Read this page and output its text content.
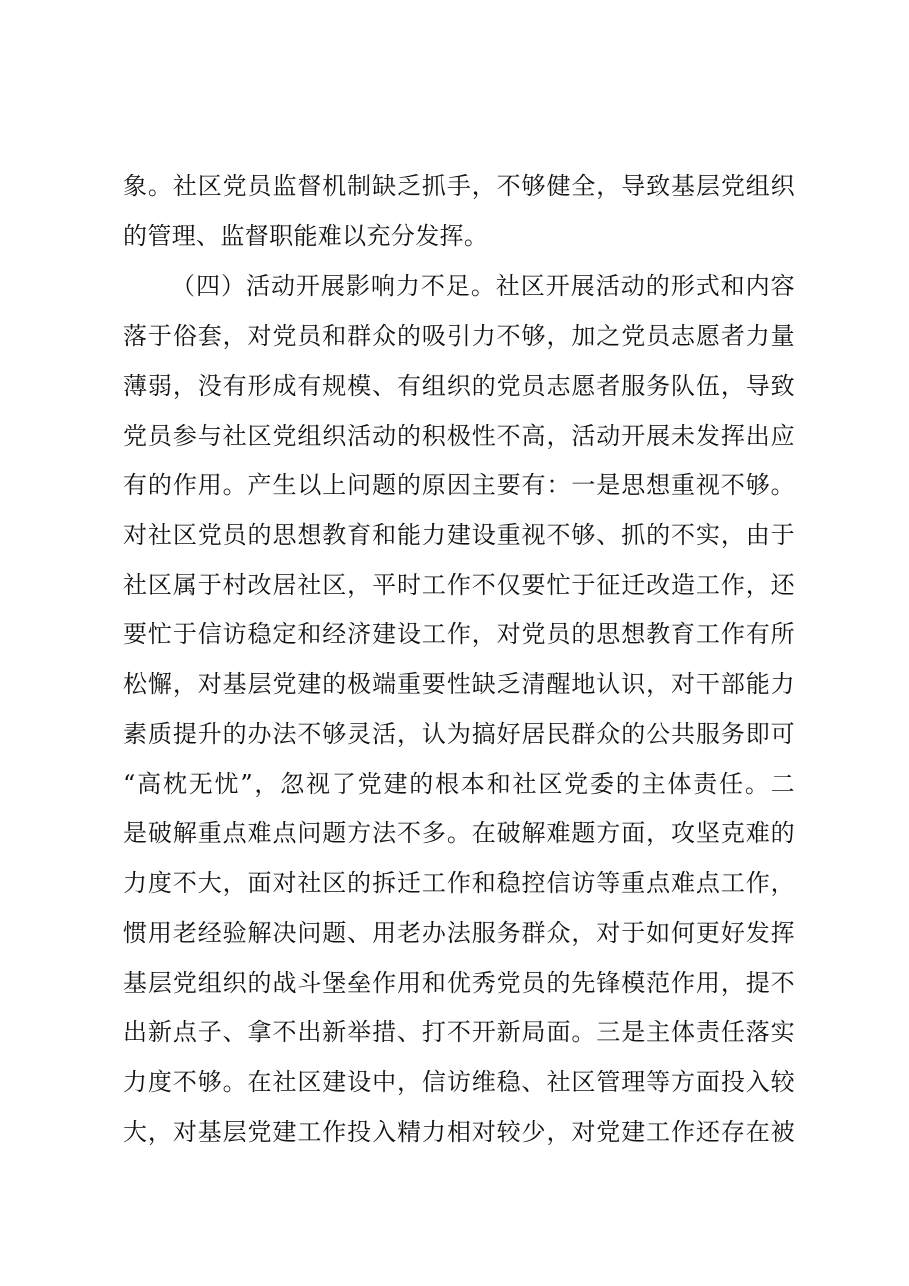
象。社区党员监督机制缺乏抓手，不够健全，导致基层党组织
的管理、监督职能难以充分发挥。
（四）活动开展影响力不足。社区开展活动的形式和内容
落于俗套，对党员和群众的吸引力不够，加之党员志愿者力量
薄弱，没有形成有规模、有组织的党员志愿者服务队伍，导致
党员参与社区党组织活动的积极性不高，活动开展未发挥出应
有的作用。产生以上问题的原因主要有：一是思想重视不够。
对社区党员的思想教育和能力建设重视不够、抓的不实，由于
社区属于村改居社区，平时工作不仅要忙于征迁改造工作，还
要忙于信访稳定和经济建设工作，对党员的思想教育工作有所
松懈，对基层党建的极端重要性缺乏清醒地认识，对干部能力
素质提升的办法不够灵活，认为搞好居民群众的公共服务即可
“高枕无忧”，忽视了党建的根本和社区党委的主体责任。二
是破解重点难点问题方法不多。在破解难题方面，攻坚克难的
力度不大，面对社区的拆迁工作和稳控信访等重点难点工作，
惯用老经验解决问题、用老办法服务群众，对于如何更好发挥
基层党组织的战斗堡垒作用和优秀党员的先锋模范作用，提不
出新点子、拿不出新举措、打不开新局面。三是主体责任落实
力度不够。在社区建设中，信访维稳、社区管理等方面投入较
大，对基层党建工作投入精力相对较少，对党建工作还存在被
